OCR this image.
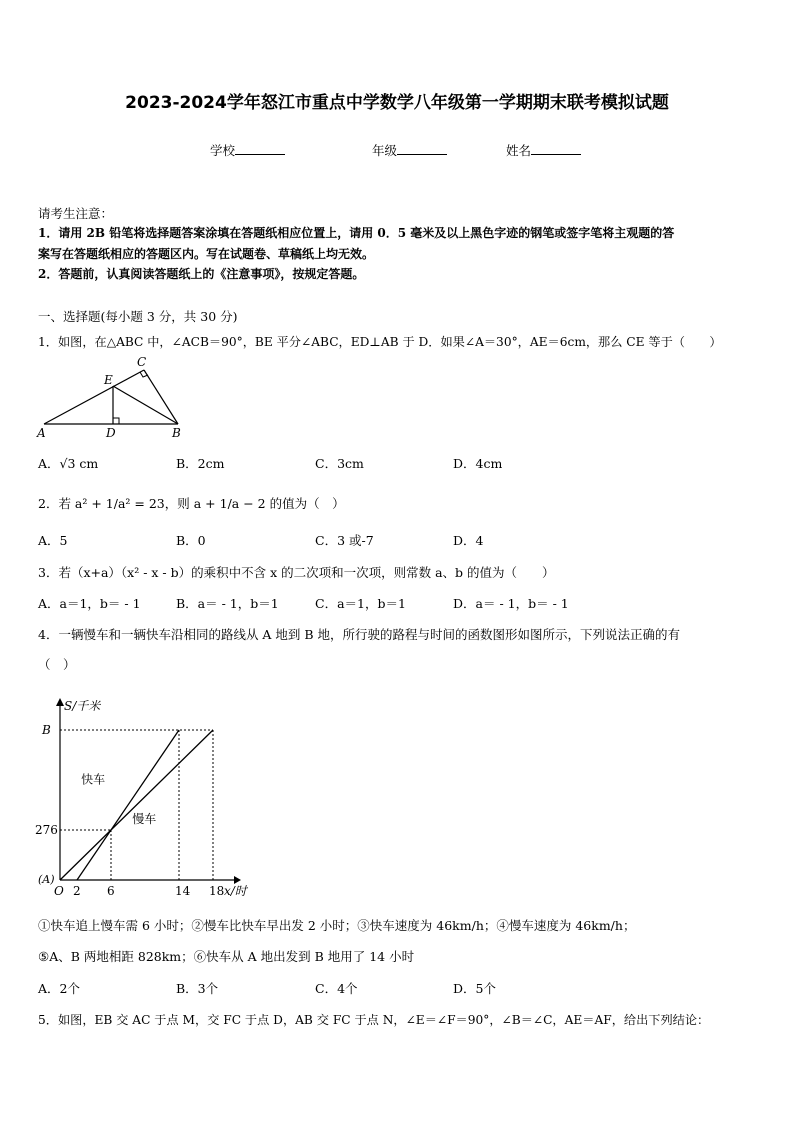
2023-2024学年怒江市重点中学数学八年级第一学期期末联考模拟试题
学校	年级	姓名
请考生注意：
1．请用 2B 铅笔将选择题答案涂填在答题纸相应位置上，请用 0．5 毫米及以上黑色字迹的钢笔或签字笔将主观题的答
案写在答题纸相应的答题区内。写在试题卷、草稿纸上均无效。
2．答题前，认真阅读答题纸上的《注意事项》，按规定答题。
一、选择题(每小题 3 分，共 30 分)
1．如图，在△ABC 中，∠ACB＝90°，BE 平分∠ABC，ED⊥AB 于 D．如果∠A＝30°，AE＝6cm，那么 CE 等于（　　）
A	D	B
E
C
A．√3 cm	B．2cm	C．3cm	D．4cm
2．若 a² + 1/a² = 23，则 a + 1/a − 2 的值为（　）
A．5	B．0	C．3 或-7	D．4
3．若（x+a）（x² - x - b）的乘积中不含 x 的二次项和一次项，则常数 a、b 的值为（　　）
A．a＝1，b＝ - 1	B．a＝ - 1，b＝1	C．a＝1，b＝1	D．a＝ - 1，b＝ - 1
4．一辆慢车和一辆快车沿相同的路线从 A 地到 B 地，所行驶的路程与时间的函数图形如图所示，下列说法正确的有
（　）
S/千米
x/时
(A)
O
快车
慢车
2 6	14 18
276
B
①快车追上慢车需 6 小时；②慢车比快车早出发 2 小时；③快车速度为 46km/h；④慢车速度为 46km/h；
⑤A、B 两地相距 828km；⑥快车从 A 地出发到 B 地用了 14 小时
A．2个	B．3个	C．4个	D．5个
5．如图，EB 交 AC 于点 M，交 FC 于点 D，AB 交 FC 于点 N，∠E＝∠F＝90°，∠B＝∠C，AE＝AF，给出下列结论：
